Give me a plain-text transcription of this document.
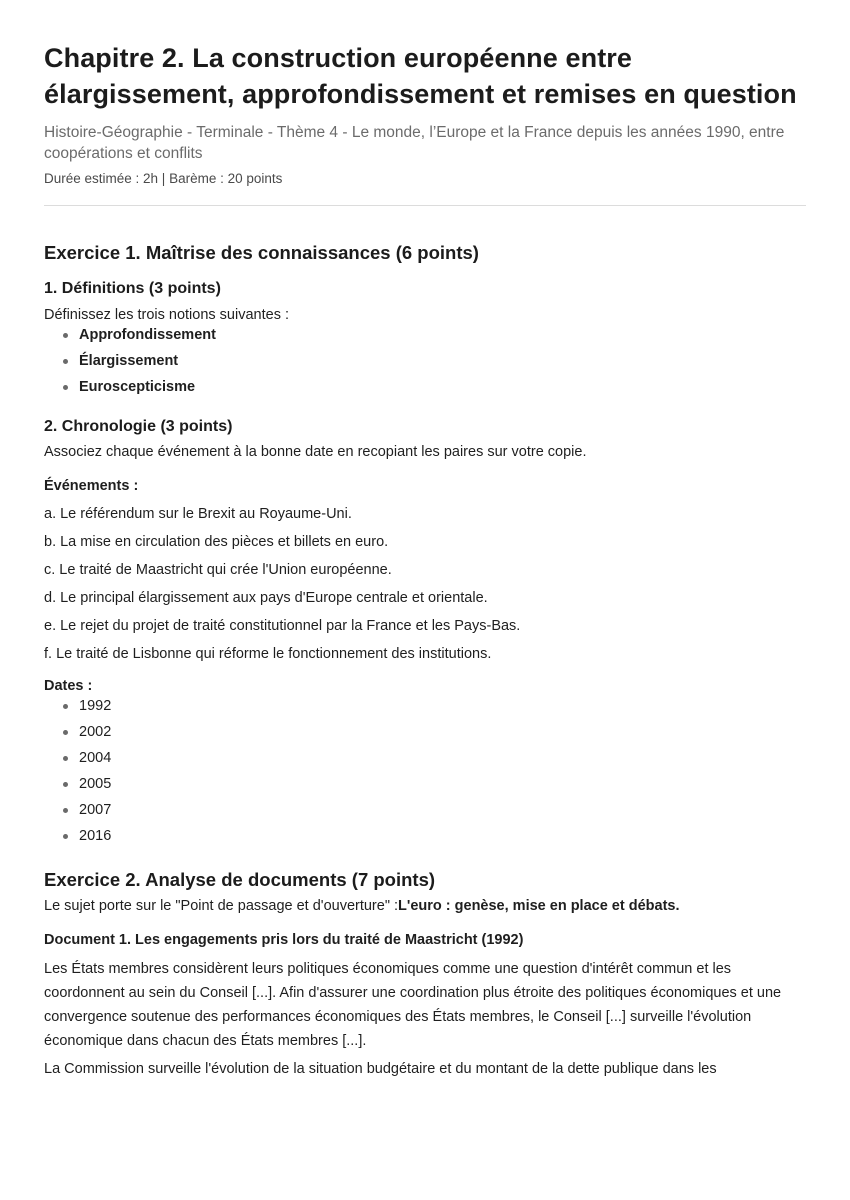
Chapitre 2. La construction européenne entre élargissement, approfondissement et remises en question
Histoire-Géographie - Terminale - Thème 4 - Le monde, l’Europe et la France depuis les années 1990, entre coopérations et conflits
Durée estimée : 2h | Barème : 20 points
Exercice 1. Maîtrise des connaissances (6 points)
1. Définitions (3 points)

Définissez les trois notions suivantes :

Approfondissement
Élargissement
Euroscepticisme
2. Chronologie (3 points)

Associez chaque événement à la bonne date en recopiant les paires sur votre copie.

Événements :

a. Le référendum sur le Brexit au Royaume-Uni.

b. La mise en circulation des pièces et billets en euro.

c. Le traité de Maastricht qui crée l'Union européenne.

d. Le principal élargissement aux pays d'Europe centrale et orientale.

e. Le rejet du projet de traité constitutionnel par la France et les Pays-Bas.

f. Le traité de Lisbonne qui réforme le fonctionnement des institutions.

Dates :
1992
2002
2004
2005
2007
2016
Exercice 2. Analyse de documents (7 points)

Le sujet porte sur le "Point de passage et d'ouverture" :L'euro : genèse, mise en place et débats.

Document 1. Les engagements pris lors du traité de Maastricht (1992)

Les États membres considèrent leurs politiques économiques comme une question d'intérêt commun et les coordonnent au sein du Conseil [...]. Afin d'assurer une coordination plus étroite des politiques économiques et une convergence soutenue des performances économiques des États membres, le Conseil [...] surveille l'évolution économique dans chacun des États membres [...].

La Commission surveille l'évolution de la situation budgétaire et du montant de la dette publique dans les
